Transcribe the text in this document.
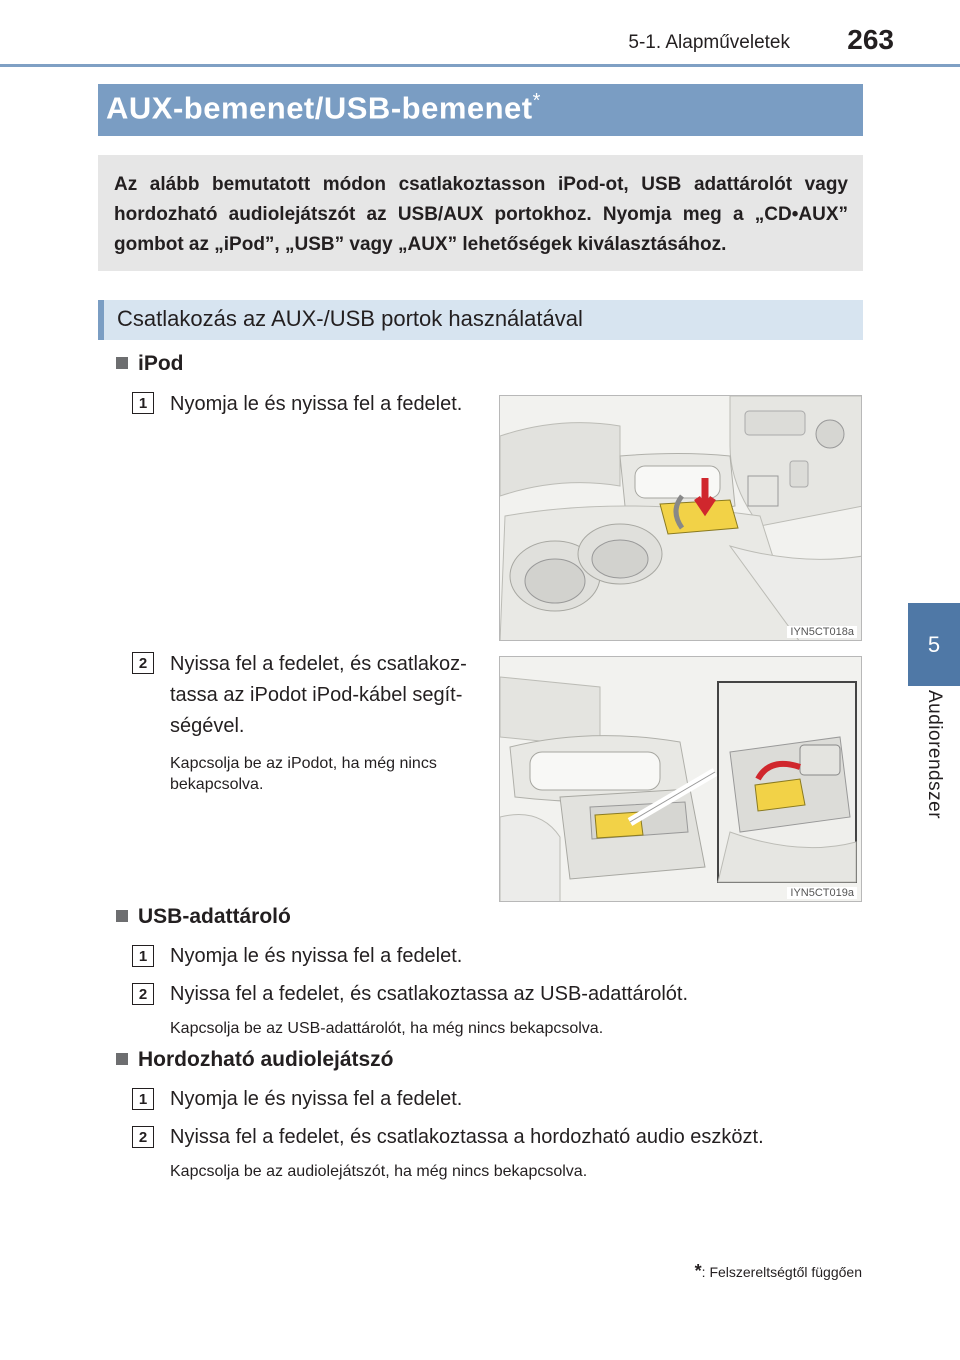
5-1. Alapműveletek 263
5
Audiorendszer
AUX-bemenet/USB-bemenet*

Az alább bemutatott módon csatlakoztasson iPod-ot, USB adattárolót vagy hordozható audiolejátszót az USB/AUX portokhoz. Nyomja meg a „CD•AUX” gombot az „iPod”, „USB” vagy „AUX” lehetőségek kiválasztásához.

Csatlakozás az AUX-/USB portok használatával
iPod
1	Nyomja le és nyissa fel a fedelet.
2	Nyissa fel a fedelet, és csatlakoz-
tassa az iPodot iPod-kábel segít-
ségével.
Kapcsolja be az iPodot, ha még nincs
bekapcsolva.
IYN5CT018a
IYN5CT019a
USB-adattároló
1	Nyomja le és nyissa fel a fedelet.
2	Nyissa fel a fedelet, és csatlakoztassa az USB-adattárolót.
Kapcsolja be az USB-adattárolót, ha még nincs bekapcsolva.
Hordozható audiolejátszó
1	Nyomja le és nyissa fel a fedelet.
2	Nyissa fel a fedelet, és csatlakoztassa a hordozható audio eszközt.
Kapcsolja be az audiolejátszót, ha még nincs bekapcsolva.
*: Felszereltségtől függően
